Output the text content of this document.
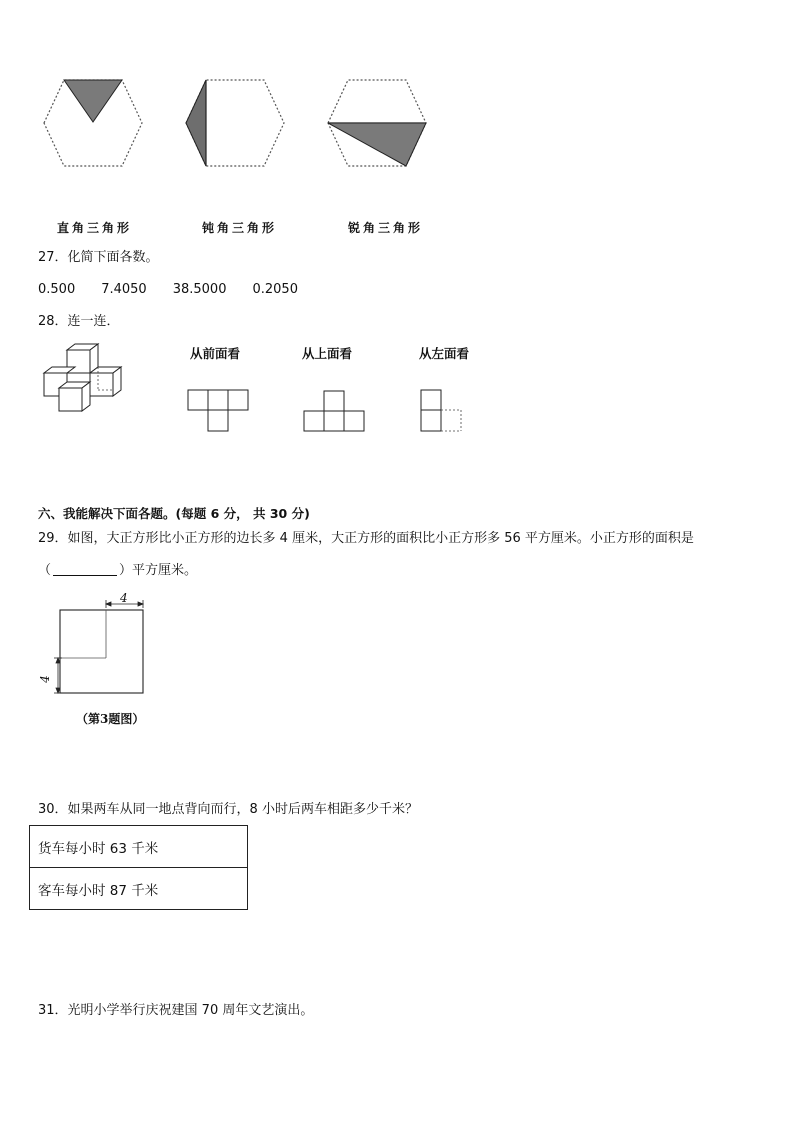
直角三角形	钝角三角形	锐角三角形
27．化简下面各数。
0.500 7.4050 38.5000 0.2050
28．连一连．
从前面看	从上面看	从左面看
六、我能解决下面各题。(每题 6 分， 共 30 分)
29．如图，大正方形比小正方形的边长多 4 厘米，大正方形的面积比小正方形多 56 平方厘米。小正方形的面积是
（	）平方厘米。
4
4
（第3题图）
30．如果两车从同一地点背向而行，8 小时后两车相距多少千米？
货车每小时 63 千米
客车每小时 87 千米
31．光明小学举行庆祝建国 70 周年文艺演出。
